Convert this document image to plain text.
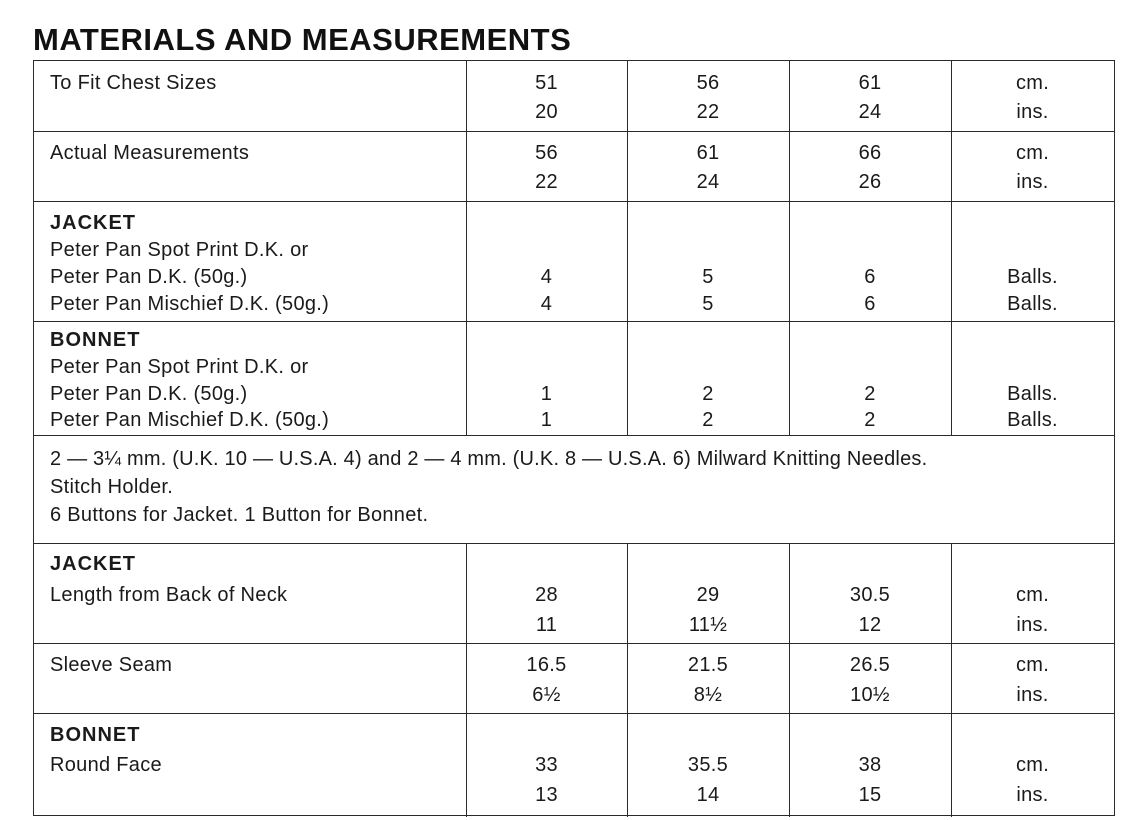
MATERIALS AND MEASUREMENTS
To Fit Chest Sizes	51	56	61	cm.
20	22	24	ins.
Actual Measurements	56	61	66	cm.
22	24	26	ins.
JACKET
Peter Pan Spot Print D.K. or
Peter Pan D.K. (50g.)	4	5	6	Balls.
Peter Pan Mischief D.K. (50g.)	4	5	6	Balls.
BONNET
Peter Pan Spot Print D.K. or
Peter Pan D.K. (50g.)	1	2	2	Balls.
Peter Pan Mischief D.K. (50g.)	1	2	2	Balls.
2 — 3¼ mm. (U.K. 10 — U.S.A. 4) and 2 — 4 mm. (U.K. 8 — U.S.A. 6) Milward Knitting Needles.
Stitch Holder.
6 Buttons for Jacket. 1 Button for Bonnet.
JACKET
Length from Back of Neck	28	29	30.5	cm.
11	11½	12	ins.
Sleeve Seam	16.5	21.5	26.5	cm.
6½	8½	10½	ins.
BONNET
Round Face	33	35.5	38	cm.
13	14	15	ins.
